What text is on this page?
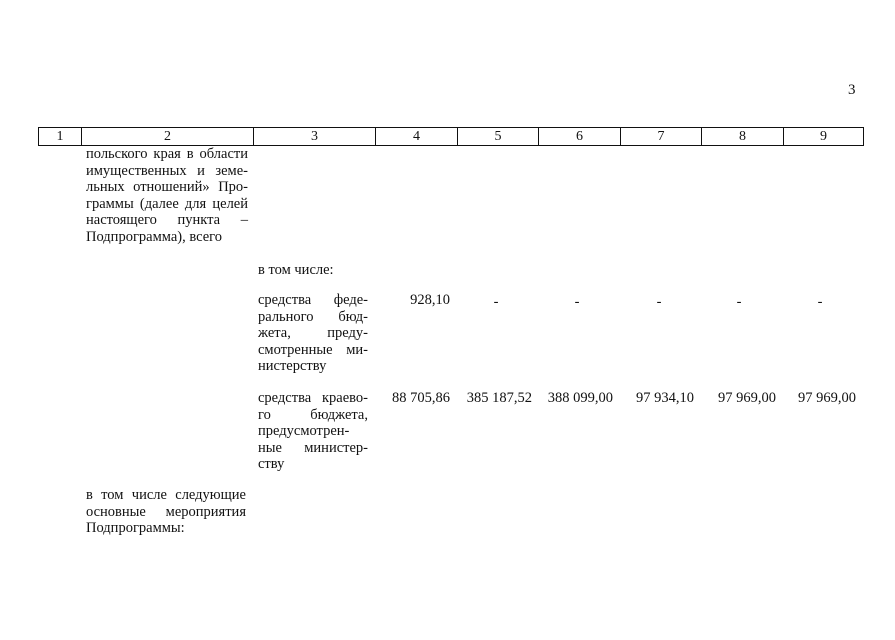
3
1	2	3	4	5	6	7	8	9
польского края в области
имущественных и земе-
льных отношений» Про-
граммы (далее для целей
настоящего пункта –
Подпрограмма), всего
в том числе:
средства феде-
рального бюд-
жета, преду-
смотренные ми-
нистерству
928,10	-	-	-	-	-
средства краево-
го бюджета,
предусмотрен-
ные министер-
ству
88 705,86	385 187,52	388 099,00	97 934,10	97 969,00	97 969,00
в том числе следующие
основные мероприятия
Подпрограммы:
